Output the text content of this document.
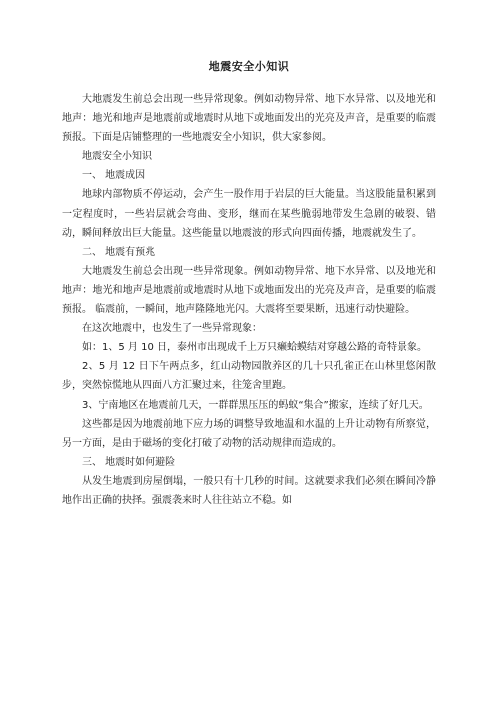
地震安全小知识

大地震发生前总会出现一些异常现象。例如动物异常、地下水异常、以及地光和地声：地光和地声是地震前或地震时从地下或地面发出的光亮及声音，是重要的临震预报。下面是店铺整理的一些地震安全小知识，供大家参阅。

地震安全小知识

一、 地震成因

地球内部物质不停运动，会产生一股作用于岩层的巨大能量。当这股能量积累到一定程度时，一些岩层就会弯曲、变形，继而在某些脆弱地带发生急剧的破裂、错动，瞬间释放出巨大能量。这些能量以地震波的形式向四面传播，地震就发生了。

二、 地震有预兆

大地震发生前总会出现一些异常现象。例如动物异常、地下水异常、以及地光和地声：地光和地声是地震前或地震时从地下或地面发出的光亮及声音，是重要的临震预报。 临震前，一瞬间，地声隆隆地光闪。大震将至要果断，迅速行动快避险。

在这次地震中，也发生了一些异常现象：

如：1、5 月 10 日，泰州市出现成千上万只癞蛤蟆结对穿越公路的奇特景象。

2、5 月 12 日下午两点多，红山动物园散养区的几十只孔雀正在山林里悠闲散步，突然惊慌地从四面八方汇聚过来，往笼舍里跑。

3、宁南地区在地震前几天，一群群黑压压的蚂蚁“集合”搬家，连续了好几天。

这些都是因为地震前地下应力场的调整导致地温和水温的上升让动物有所察觉，另一方面，是由于磁场的变化打破了动物的活动规律而造成的。

三、 地震时如何避险

从发生地震到房屋倒塌，一般只有十几秒的时间。这就要求我们必须在瞬间冷静地作出正确的抉择。强震袭来时人往往站立不稳。如
